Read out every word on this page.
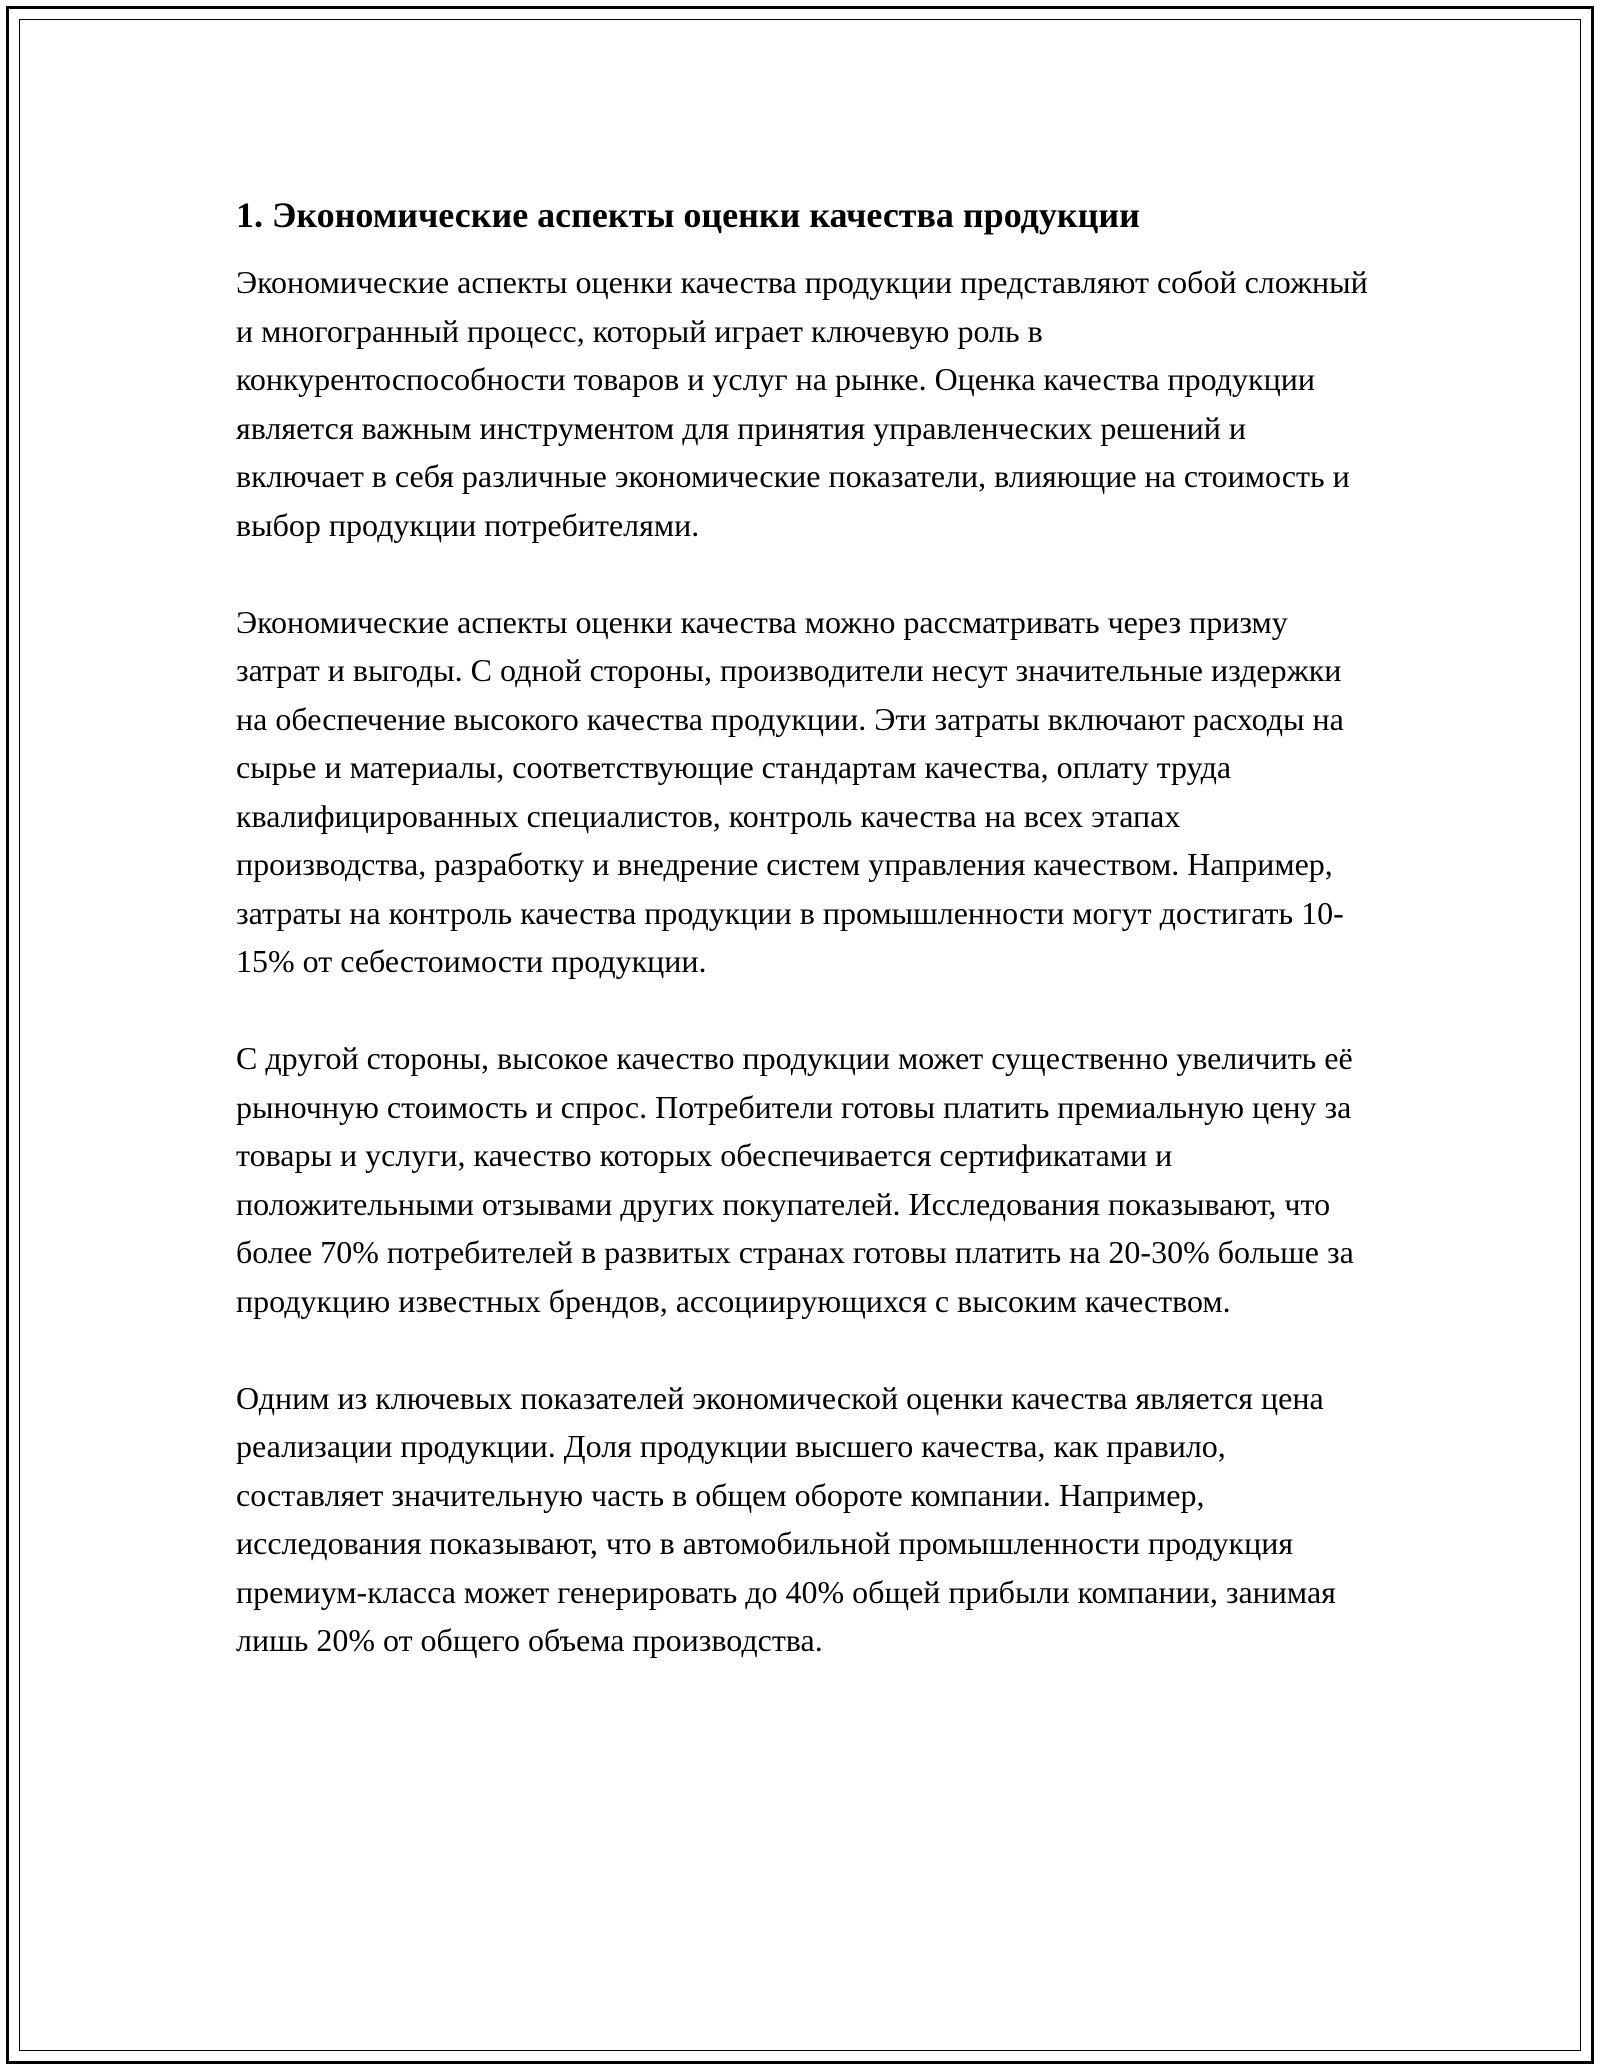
1. Экономические аспекты оценки качества продукции

Экономические аспекты оценки качества продукции представляют собой сложный и многогранный процесс, который играет ключевую роль в конкурентоспособности товаров и услуг на рынке. Оценка качества продукции является важным инструментом для принятия управленческих решений и включает в себя различные экономические показатели, влияющие на стоимость и выбор продукции потребителями.

Экономические аспекты оценки качества можно рассматривать через призму затрат и выгоды. С одной стороны, производители несут значительные издержки на обеспечение высокого качества продукции. Эти затраты включают расходы на сырье и материалы, соответствующие стандартам качества, оплату труда квалифицированных специалистов, контроль качества на всех этапах производства, разработку и внедрение систем управления качеством. Например, затраты на контроль качества продукции в промышленности могут достигать 10-15% от себестоимости продукции.

С другой стороны, высокое качество продукции может существенно увеличить её рыночную стоимость и спрос. Потребители готовы платить премиальную цену за товары и услуги, качество которых обеспечивается сертификатами и положительными отзывами других покупателей. Исследования показывают, что более 70% потребителей в развитых странах готовы платить на 20-30% больше за продукцию известных брендов, ассоциирующихся с высоким качеством.

Одним из ключевых показателей экономической оценки качества является цена реализации продукции. Доля продукции высшего качества, как правило, составляет значительную часть в общем обороте компании. Например, исследования показывают, что в автомобильной промышленности продукция премиум-класса может генерировать до 40% общей прибыли компании, занимая лишь 20% от общего объема производства.
